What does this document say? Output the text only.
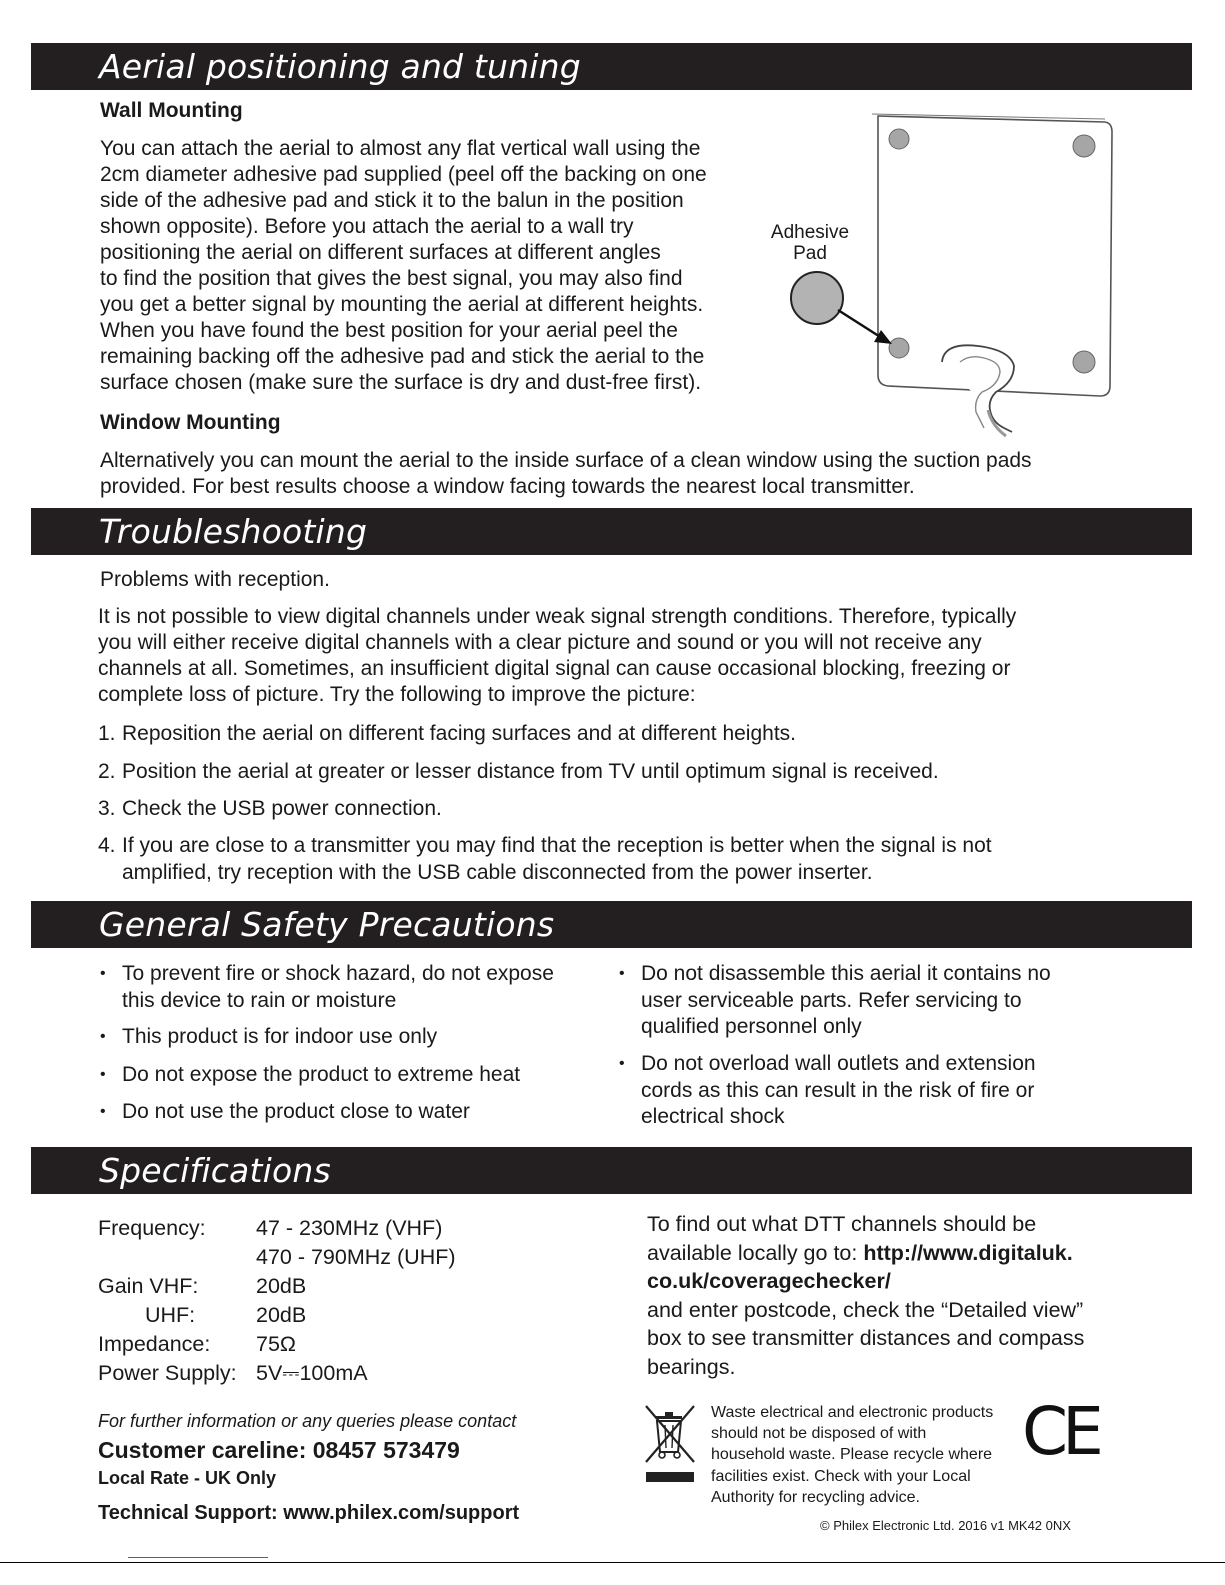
Aerial positioning and tuning
Wall Mounting
You can attach the aerial to almost any flat vertical wall using the
2cm diameter adhesive pad supplied (peel off the backing on one
side of the adhesive pad and stick it to the balun in the position
shown opposite). Before you attach the aerial to a wall try
positioning the aerial on different surfaces at different angles
to find the position that gives the best signal, you may also find
you get a better signal by mounting the aerial at different heights.
When you have found the best position for your aerial peel the
remaining backing off the adhesive pad and stick the aerial to the
surface chosen (make sure the surface is dry and dust-free first).
Adhesive
Pad
Window Mounting
Alternatively you can mount the aerial to the inside surface of a clean window using the suction pads
provided. For best results choose a window facing towards the nearest local transmitter.
Troubleshooting
Problems with reception.
It is not possible to view digital channels under weak signal strength conditions. Therefore, typically
you will either receive digital channels with a clear picture and sound or you will not receive any
channels at all. Sometimes, an insufficient digital signal can cause occasional blocking, freezing or
complete loss of picture. Try the following to improve the picture:
1. Reposition the aerial on different facing surfaces and at different heights.
2. Position the aerial at greater or lesser distance from TV until optimum signal is received.
3. Check the USB power connection.
4. If you are close to a transmitter you may find that the reception is better when the signal is not
amplified, try reception with the USB cable disconnected from the power inserter.
General Safety Precautions
• To prevent fire or shock hazard, do not expose
this device to rain or moisture
• This product is for indoor use only
• Do not expose the product to extreme heat
• Do not use the product close to water
• Do not disassemble this aerial it contains no
user serviceable parts. Refer servicing to
qualified personnel only
• Do not overload wall outlets and extension
cords as this can result in the risk of fire or
electrical shock
Specifications
Frequency: 47 - 230MHz (VHF)
470 - 790MHz (UHF)
Gain VHF:	20dB
UHF:	20dB
Impedance: 75Ω
Power Supply: 5V⎓100mA
For further information or any queries please contact
Customer careline: 08457 573479
Local Rate - UK Only
Technical Support: www.philex.com/support
To find out what DTT channels should be
available locally go to: http://www.digitaluk.
co.uk/coveragechecker/
and enter postcode, check the “Detailed view”
box to see transmitter distances and compass
bearings.
Waste electrical and electronic products
should not be disposed of with
household waste. Please recycle where
facilities exist. Check with your Local
Authority for recycling advice.
CE
© Philex Electronic Ltd. 2016 v1 MK42 0NX
